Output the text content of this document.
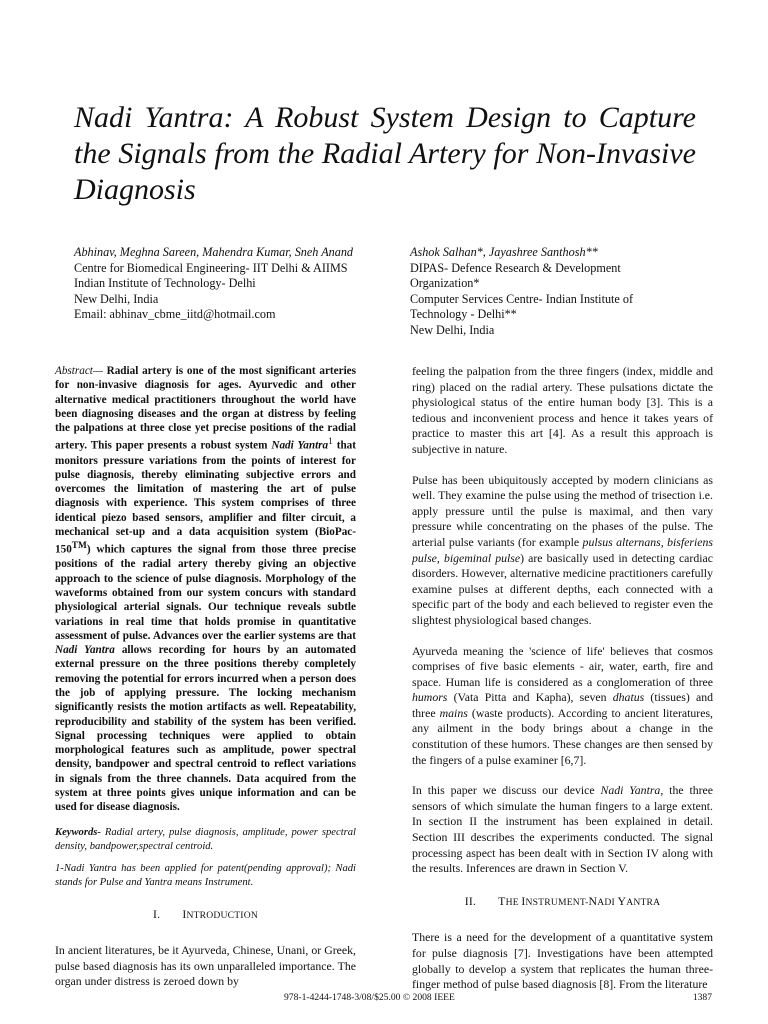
Nadi Yantra: A Robust System Design to Capture the Signals from the Radial Artery for Non-Invasive Diagnosis
Abhinav, Meghna Sareen, Mahendra Kumar, Sneh Anand
Centre for Biomedical Engineering- IIT Delhi & AIIMS
Indian Institute of Technology- Delhi
New Delhi, India
Email: abhinav_cbme_iitd@hotmail.com
Ashok Salhan*, Jayashree Santhosh**
DIPAS- Defence Research & Development
Organization*
Computer Services Centre- Indian Institute of
Technology - Delhi**
New Delhi, India

Abstract— Radial artery is one of the most significant arteries for non-invasive diagnosis for ages. Ayurvedic and other alternative medical practitioners throughout the world have been diagnosing diseases and the organ at distress by feeling the palpations at three close yet precise positions of the radial artery. This paper presents a robust system Nadi Yantra$^1$ that monitors pressure variations from the points of interest for pulse diagnosis, thereby eliminating subjective errors and overcomes the limitation of mastering the art of pulse diagnosis with experience. This system comprises of three identical piezo based sensors, amplifier and filter circuit, a mechanical set-up and a data acquisition system (BioPac-150™) which captures the signal from those three precise positions of the radial artery thereby giving an objective approach to the science of pulse diagnosis. Morphology of the waveforms obtained from our system concurs with standard physiological arterial signals. Our technique reveals subtle variations in real time that holds promise in quantitative assessment of pulse. Advances over the earlier systems are that Nadi Yantra allows recording for hours by an automated external pressure on the three positions thereby completely removing the potential for errors incurred when a person does the job of applying pressure. The locking mechanism significantly resists the motion artifacts as well. Repeatability, reproducibility and stability of the system has been verified. Signal processing techniques were applied to obtain morphological features such as amplitude, power spectral density, bandpower and spectral centroid to reflect variations in signals from the three channels. Data acquired from the system at three points gives unique information and can be used for disease diagnosis.

Keywords- Radial artery, pulse diagnosis, amplitude, power spectral density, bandpower,spectral centroid.

1-Nadi Yantra has been applied for patent(pending approval); Nadi stands for Pulse and Yantra means Instrument.

I. INTRODUCTION

In ancient literatures, be it Ayurveda, Chinese, Unani, or Greek, pulse based diagnosis has its own unparalleled importance. The organ under distress is zeroed down by

feeling the palpation from the three fingers (index, middle and ring) placed on the radial artery. These pulsations dictate the physiological status of the entire human body [3]. This is a tedious and inconvenient process and hence it takes years of practice to master this art [4]. As a result this approach is subjective in nature.

Pulse has been ubiquitously accepted by modern clinicians as well. They examine the pulse using the method of trisection i.e. apply pressure until the pulse is maximal, and then vary pressure while concentrating on the phases of the pulse. The arterial pulse variants (for example pulsus alternans, bisferiens pulse, bigeminal pulse) are basically used in detecting cardiac disorders. However, alternative medicine practitioners carefully examine pulses at different depths, each connected with a specific part of the body and each believed to register even the slightest physiological based changes.

Ayurveda meaning the 'science of life' believes that cosmos comprises of five basic elements - air, water, earth, fire and space. Human life is considered as a conglomeration of three humors (Vata Pitta and Kapha), seven dhatus (tissues) and three mains (waste products). According to ancient literatures, any ailment in the body brings about a change in the constitution of these humors. These changes are then sensed by the fingers of a pulse examiner [6,7].

In this paper we discuss our device Nadi Yantra, the three sensors of which simulate the human fingers to a large extent. In section II the instrument has been explained in detail. Section III describes the experiments conducted. The signal processing aspect has been dealt with in Section IV along with the results. Inferences are drawn in Section V.

II. THE INSTRUMENT-NADI YANTRA

There is a need for the development of a quantitative system for pulse diagnosis [7]. Investigations have been attempted globally to develop a system that replicates the human three-finger method of pulse based diagnosis [8]. From the literature

978-1-4244-1748-3/08/$25.00 © 2008 IEEE	1387
